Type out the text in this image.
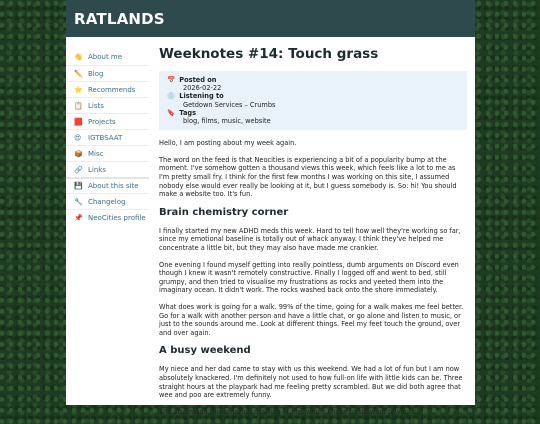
RATLANDS
👋 About me
✏️ Blog
⭐ Recommends
📋 Lists
🟥 Projects
😍 IGTBSAAT
📦 Misc
🔗 Links
💾 About this site
🔧 Changelog
📌 NeoCities profile
Weeknotes #14: Touch grass
📅 Posted on
2026-02-22
💿 Listening to
Getdown Services – Crumbs
🔖 Tags
blog, films, music, website

Hello, I am posting about my week again.

The word on the feed is that Neocities is experiencing a bit of a popularity bump at the moment. I've somehow gotten a thousand views this week, which feels like a lot to me as I'm pretty small fry. I think for the first few months I was working on this site, I assumed nobody else would ever really be looking at it, but I guess somebody is. So: hi! You should make a website too. It's fun.

Brain chemistry corner

I finally started my new ADHD meds this week. Hard to tell how well they're working so far, since my emotional baseline is totally out of whack anyway. I think they've helped me concentrate a little bit, but they may also have made me crankier.

One evening I found myself getting into really pointless, dumb arguments on Discord even though I knew it wasn't remotely constructive. Finally I logged off and went to bed, still grumpy, and then tried to visualise my frustrations as rocks and yeeted them into the imaginary ocean. It didn't work. The rocks washed back onto the shore immediately.

What does work is going for a walk. 99% of the time, going for a walk makes me feel better. Go for a walk with another person and have a little chat, or go alone and listen to music, or just to the sounds around me. Look at different things. Feel my feet touch the ground, over and over again.

A busy weekend

My niece and her dad came to stay with us this weekend. We had a lot of fun but I am now absolutely knackered. I'm definitely not used to how full-on life with little kids can be. Three straight hours at the playpark had me feeling pretty scrambled. But we did both agree that wee and poo are extremely funny.

She also made this amazing drawing of me, which I have to show off to you all:
